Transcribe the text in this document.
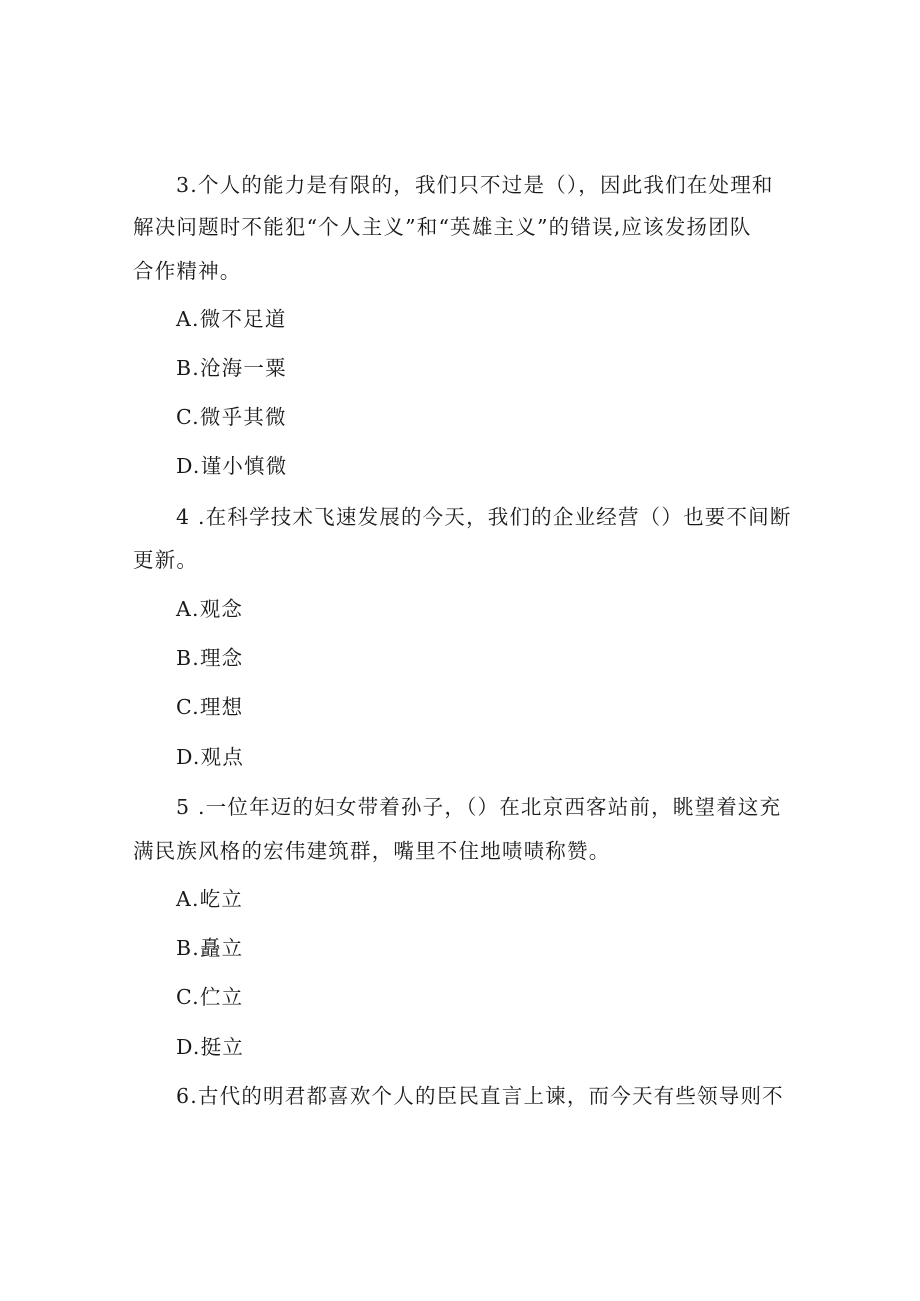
3.个人的能力是有限的，我们只不过是（），因此我们在处理和
解决问题时不能犯“个人主义”和“英雄主义”的错误,应该发扬团队
合作精神。
A.微不足道
B.沧海一粟
C.微乎其微
D.谨小慎微
4 .在科学技术飞速发展的今天，我们的企业经营（）也要不间断
更新。
A.观念
B.理念
C.理想
D.观点
5 .一位年迈的妇女带着孙子，（）在北京西客站前，眺望着这充
满民族风格的宏伟建筑群，嘴里不住地啧啧称赞。
A.屹立
B.矗立
C.伫立
D.挺立
6.古代的明君都喜欢个人的臣民直言上谏，而今天有些领导则不
